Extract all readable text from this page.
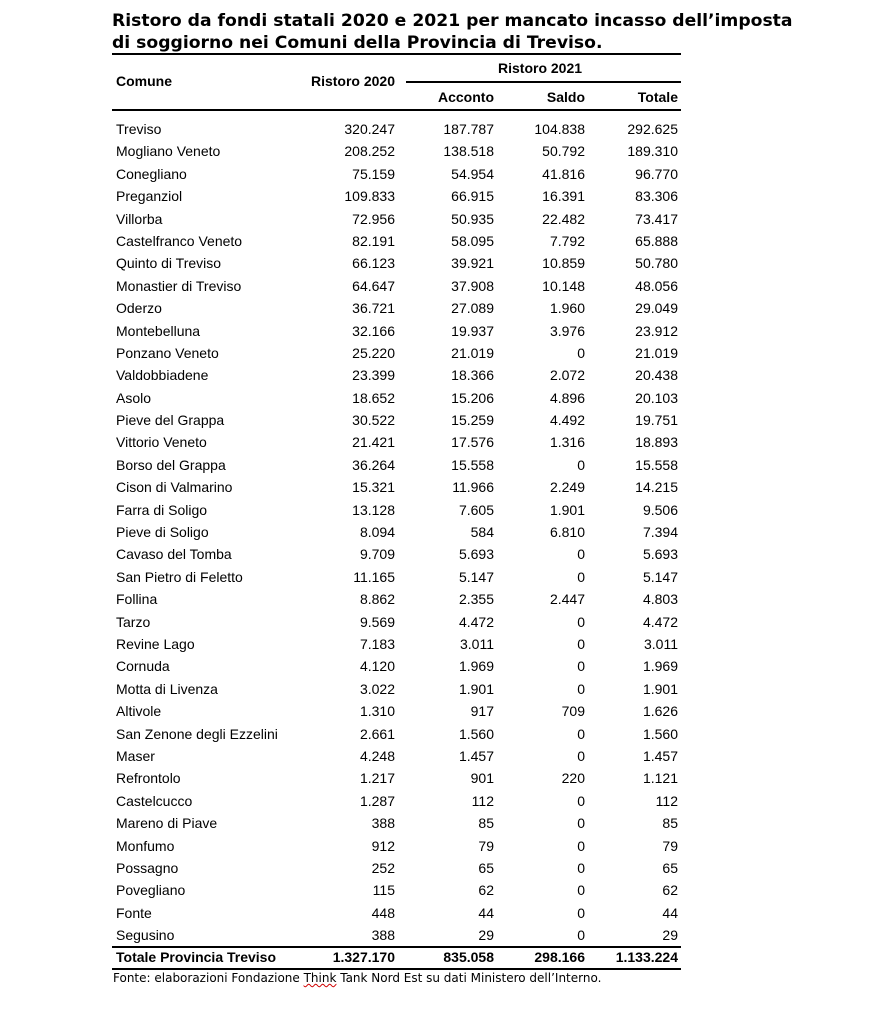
Ristoro da fondi statali 2020 e 2021 per mancato incasso dell’imposta
di soggiorno nei Comuni della Provincia di Treviso.
Comune	Ristoro 2020
Ristoro 2021
Acconto	Saldo	Totale
Treviso	320.247	187.787	104.838	292.625
Mogliano Veneto	208.252	138.518	50.792	189.310
Conegliano	75.159	54.954	41.816	96.770
Preganziol	109.833	66.915	16.391	83.306
Villorba	72.956	50.935	22.482	73.417
Castelfranco Veneto	82.191	58.095	7.792	65.888
Quinto di Treviso	66.123	39.921	10.859	50.780
Monastier di Treviso	64.647	37.908	10.148	48.056
Oderzo	36.721	27.089	1.960	29.049
Montebelluna	32.166	19.937	3.976	23.912
Ponzano Veneto	25.220	21.019	0	21.019
Valdobbiadene	23.399	18.366	2.072	20.438
Asolo	18.652	15.206	4.896	20.103
Pieve del Grappa	30.522	15.259	4.492	19.751
Vittorio Veneto	21.421	17.576	1.316	18.893
Borso del Grappa	36.264	15.558	0	15.558
Cison di Valmarino	15.321	11.966	2.249	14.215
Farra di Soligo	13.128	7.605	1.901	9.506
Pieve di Soligo	8.094	584	6.810	7.394
Cavaso del Tomba	9.709	5.693	0	5.693
San Pietro di Feletto	11.165	5.147	0	5.147
Follina	8.862	2.355	2.447	4.803
Tarzo	9.569	4.472	0	4.472
Revine Lago	7.183	3.011	0	3.011
Cornuda	4.120	1.969	0	1.969
Motta di Livenza	3.022	1.901	0	1.901
Altivole	1.310	917	709	1.626
San Zenone degli Ezzelini	2.661	1.560	0	1.560
Maser	4.248	1.457	0	1.457
Refrontolo	1.217	901	220	1.121
Castelcucco	1.287	112	0	112
Mareno di Piave	388	85	0	85
Monfumo	912	79	0	79
Possagno	252	65	0	65
Povegliano	115	62	0	62
Fonte	448	44	0	44
Segusino	388	29	0	29
Totale Provincia Treviso	1.327.170	835.058	298.166 1.133.224
Fonte: elaborazioni Fondazione Think Tank Nord Est su dati Ministero dell’Interno.
